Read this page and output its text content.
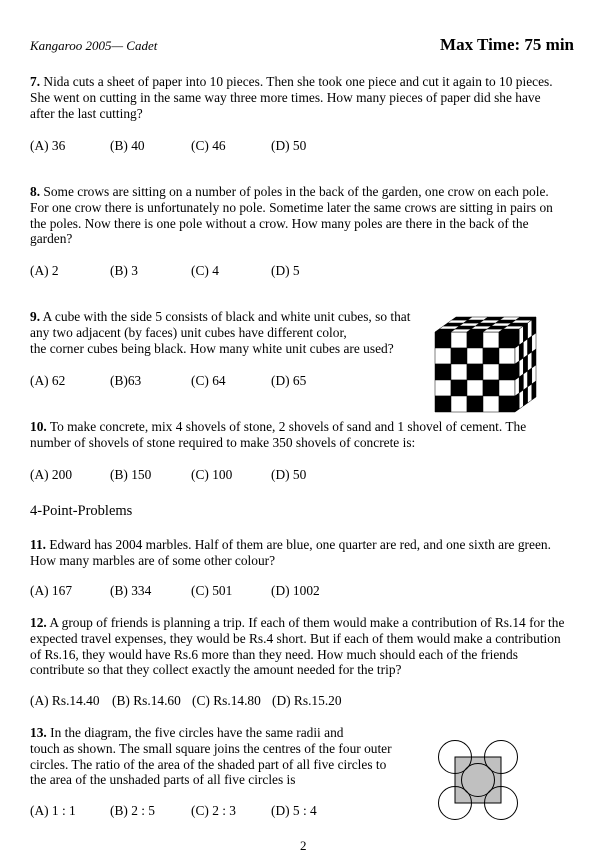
Kangaroo 2005— Cadet	Max Time: 75 min
7. Nida cuts a sheet of paper into 10 pieces. Then she took one piece and cut it again to 10 pieces.
She went on cutting in the same way three more times. How many pieces of paper did she have
after the last cutting?
(A) 36	(B) 40	(C) 46	(D) 50
8. Some crows are sitting on a number of poles in the back of the garden, one crow on each pole.
For one crow there is unfortunately no pole. Sometime later the same crows are sitting in pairs on
the poles. Now there is one pole without a crow. How many poles are there in the back of the
garden?
(A) 2	(B) 3	(C) 4	(D) 5
9. A cube with the side 5 consists of black and white unit cubes, so that
any two adjacent (by faces) unit cubes have different color,
the corner cubes being black. How many white unit cubes are used?
(A) 62	(B)63	(C) 64	(D) 65
10. To make concrete, mix 4 shovels of stone, 2 shovels of sand and 1 shovel of cement. The
number of shovels of stone required to make 350 shovels of concrete is:
(A) 200	(B) 150	(C) 100	(D) 50
4-Point-Problems
11. Edward has 2004 marbles. Half of them are blue, one quarter are red, and one sixth are green.
How many marbles are of some other colour?
(A) 167	(B) 334	(C) 501	(D) 1002
12. A group of friends is planning a trip. If each of them would make a contribution of Rs.14 for the
expected travel expenses, they would be Rs.4 short. But if each of them would make a contribution
of Rs.16, they would have Rs.6 more than they need. How much should each of the friends
contribute so that they collect exactly the amount needed for the trip?
(A) Rs.14.40 (B) Rs.14.60 (C) Rs.14.80 (D) Rs.15.20
13. In the diagram, the five circles have the same radii and
touch as shown. The small square joins the centres of the four outer
circles. The ratio of the area of the shaded part of all five circles to
the area of the unshaded parts of all five circles is
(A) 1 : 1	(B) 2 : 5	(C) 2 : 3	(D) 5 : 4
2
